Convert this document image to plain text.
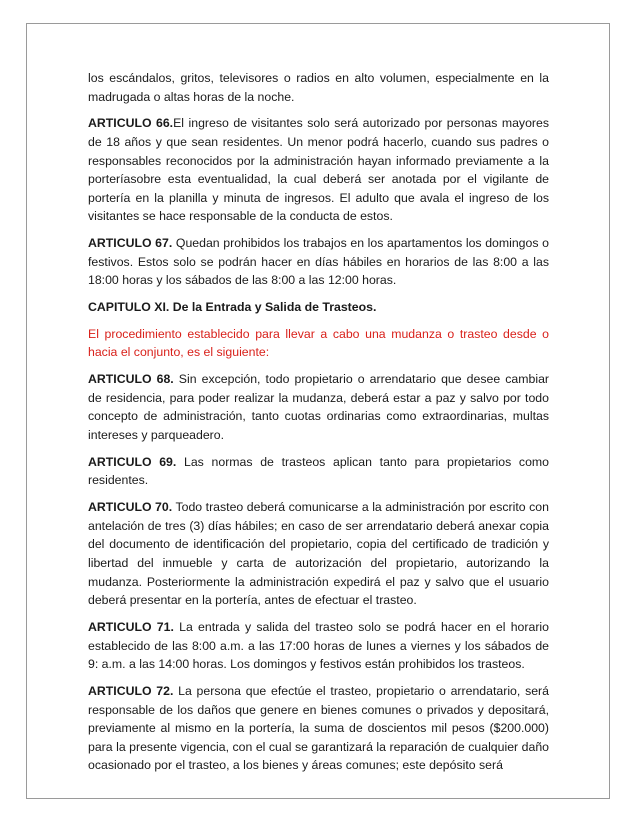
los escándalos, gritos, televisores o radios en alto volumen, especialmente en la madrugada o altas horas de la noche.

ARTICULO 66.El ingreso de visitantes solo será autorizado por personas mayores de 18 años y que sean residentes. Un menor podrá hacerlo, cuando sus padres o responsables reconocidos por la administración hayan informado previamente a la porteríasobre esta eventualidad, la cual deberá ser anotada por el vigilante de portería en la planilla y minuta de ingresos. El adulto que avala el ingreso de los visitantes se hace responsable de la conducta de estos.

ARTICULO 67. Quedan prohibidos los trabajos en los apartamentos los domingos o festivos. Estos solo se podrán hacer en días hábiles en horarios de las 8:00 a las 18:00 horas y los sábados de las 8:00 a las 12:00 horas.

CAPITULO XI. De la Entrada y Salida de Trasteos.

El procedimiento establecido para llevar a cabo una mudanza o trasteo desde o hacia el conjunto, es el siguiente:

ARTICULO 68. Sin excepción, todo propietario o arrendatario que desee cambiar de residencia, para poder realizar la mudanza, deberá estar a paz y salvo por todo concepto de administración, tanto cuotas ordinarias como extraordinarias, multas intereses y parqueadero.

ARTICULO 69. Las normas de trasteos aplican tanto para propietarios como residentes.

ARTICULO 70. Todo trasteo deberá comunicarse a la administración por escrito con antelación de tres (3) días hábiles; en caso de ser arrendatario deberá anexar copia del documento de identificación del propietario, copia del certificado de tradición y libertad del inmueble y carta de autorización del propietario, autorizando la mudanza. Posteriormente la administración expedirá el paz y salvo que el usuario deberá presentar en la portería, antes de efectuar el trasteo.

ARTICULO 71. La entrada y salida del trasteo solo se podrá hacer en el horario establecido de las 8:00 a.m. a las 17:00 horas de lunes a viernes y los sábados de 9: a.m. a las 14:00 horas. Los domingos y festivos están prohibidos los trasteos.

ARTICULO 72. La persona que efectúe el trasteo, propietario o arrendatario, será responsable de los daños que genere en bienes comunes o privados y depositará, previamente al mismo en la portería, la suma de doscientos mil pesos ($200.000) para la presente vigencia, con el cual se garantizará la reparación de cualquier daño ocasionado por el trasteo, a los bienes y áreas comunes; este depósito será
